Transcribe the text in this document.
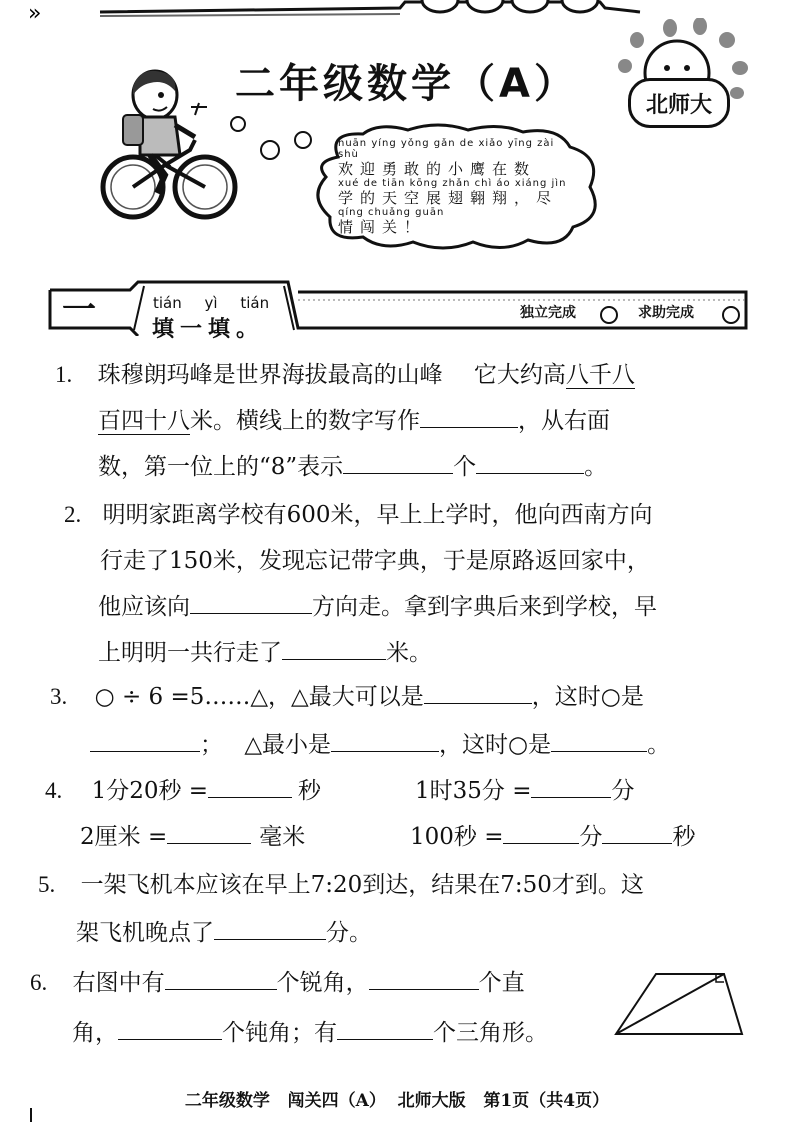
»
二年级数学（A）	北师大
huān yíng yǒng gǎn de xiǎo yīng zài shù
欢迎勇敢的小鹰在数
xué de tiān kōng zhǎn chì áo xiáng jìn
学的天空展翅翱翔，尽
qíng chuǎng guān
情闯关！
一	tián yì tián
填一填。
独立完成	求助完成
1. 珠穆朗玛峰是世界海拔最高的山峰 它大约高八千八
百四十八米。横线上的数字写作	，从右面
数，第一位上的“8”表示	个	。
2. 明明家距离学校有600米，早上上学时，他向西南方向
行走了150米，发现忘记带字典，于是原路返回家中，
他应该向	方向走。拿到字典后来到学校，早
上明明一共行走了	米。
3. ○ ÷ 6 =5……△，△最大可以是	，这时○是
； △最小是	，这时○是	。
4. 1分20秒 =	秒	1时35分 =	分
2厘米 =	毫米	100秒 =	分	秒
5. 一架飞机本应该在早上7:20到达，结果在7:50才到。这
架飞机晚点了	分。
6. 右图中有	个锐角，	个直
角，	个钝角；有	个三角形。
二年级数学   闯关四（A）  北师大版   第1页（共4页）
